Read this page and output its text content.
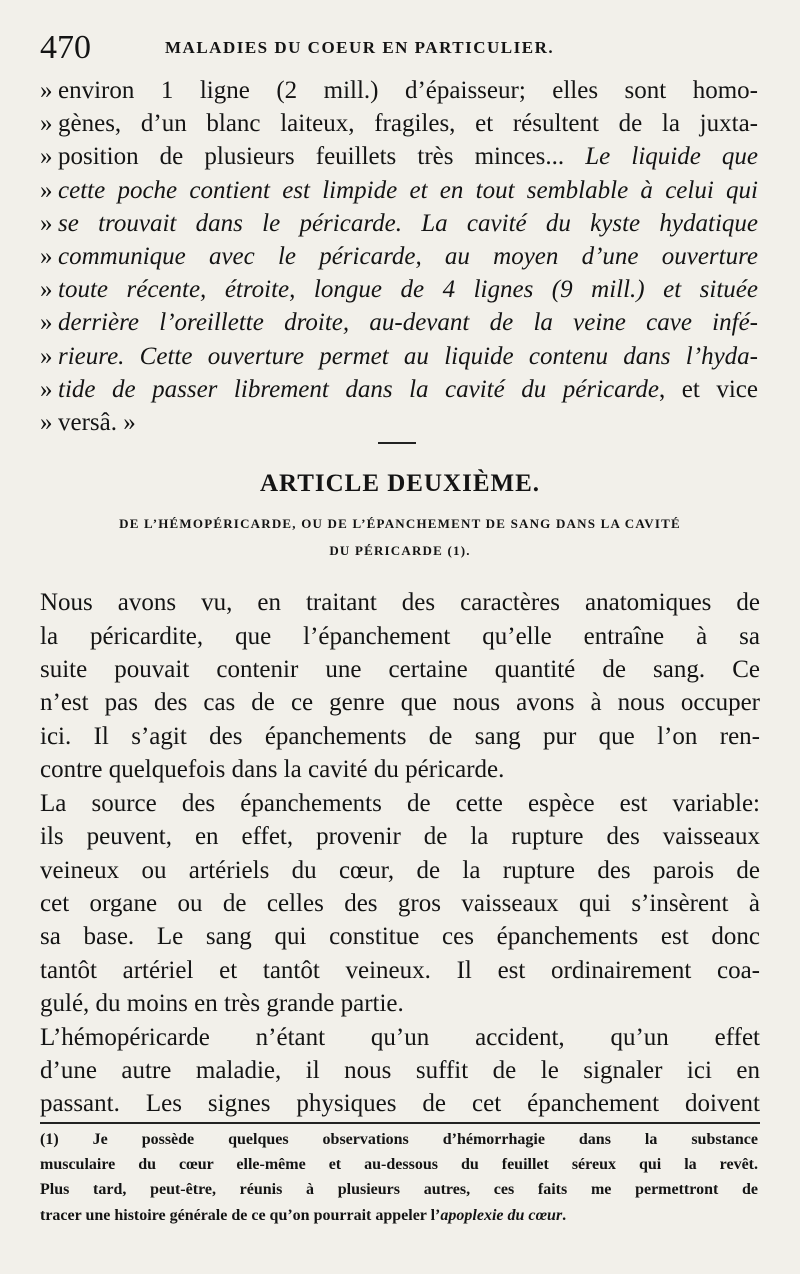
470	MALADIES DU COEUR EN PARTICULIER.
» environ 1 ligne (2 mill.) d’épaisseur; elles sont homo-
» gènes, d’un blanc laiteux, fragiles, et résultent de la juxta-
» position de plusieurs feuillets très minces... Le liquide que
» cette poche contient est limpide et en tout semblable à celui qui
» se trouvait dans le péricarde. La cavité du kyste hydatique
» communique avec le péricarde, au moyen d’une ouverture
» toute récente, étroite, longue de 4 lignes (9 mill.) et située
» derrière l’oreillette droite, au-devant de la veine cave infé-
» rieure. Cette ouverture permet au liquide contenu dans l’hyda-
» tide de passer librement dans la cavité du péricarde, et vice
» versâ. »
ARTICLE DEUXIÈME.
DE L’HÉMOPÉRICARDE, OU DE L’ÉPANCHEMENT DE SANG DANS LA CAVITÉ
DU PÉRICARDE (1).
Nous avons vu, en traitant des caractères anatomiques de
la péricardite, que l’épanchement qu’elle entraîne à sa
suite pouvait contenir une certaine quantité de sang. Ce
n’est pas des cas de ce genre que nous avons à nous occuper
ici. Il s’agit des épanchements de sang pur que l’on ren-
contre quelquefois dans la cavité du péricarde.
La source des épanchements de cette espèce est variable:
ils peuvent, en effet, provenir de la rupture des vaisseaux
veineux ou artériels du cœur, de la rupture des parois de
cet organe ou de celles des gros vaisseaux qui s’insèrent à
sa base. Le sang qui constitue ces épanchements est donc
tantôt artériel et tantôt veineux. Il est ordinairement coa-
gulé, du moins en très grande partie.
L’hémopéricarde n’étant qu’un accident, qu’un effet
d’une autre maladie, il nous suffit de le signaler ici en
passant. Les signes physiques de cet épanchement doivent
(1) Je possède quelques observations d’hémorrhagie dans la substance
musculaire du cœur elle-même et au-dessous du feuillet séreux qui la revêt.
Plus tard, peut-être, réunis à plusieurs autres, ces faits me permettront de
tracer une histoire générale de ce qu’on pourrait appeler l’apoplexie du cœur.
